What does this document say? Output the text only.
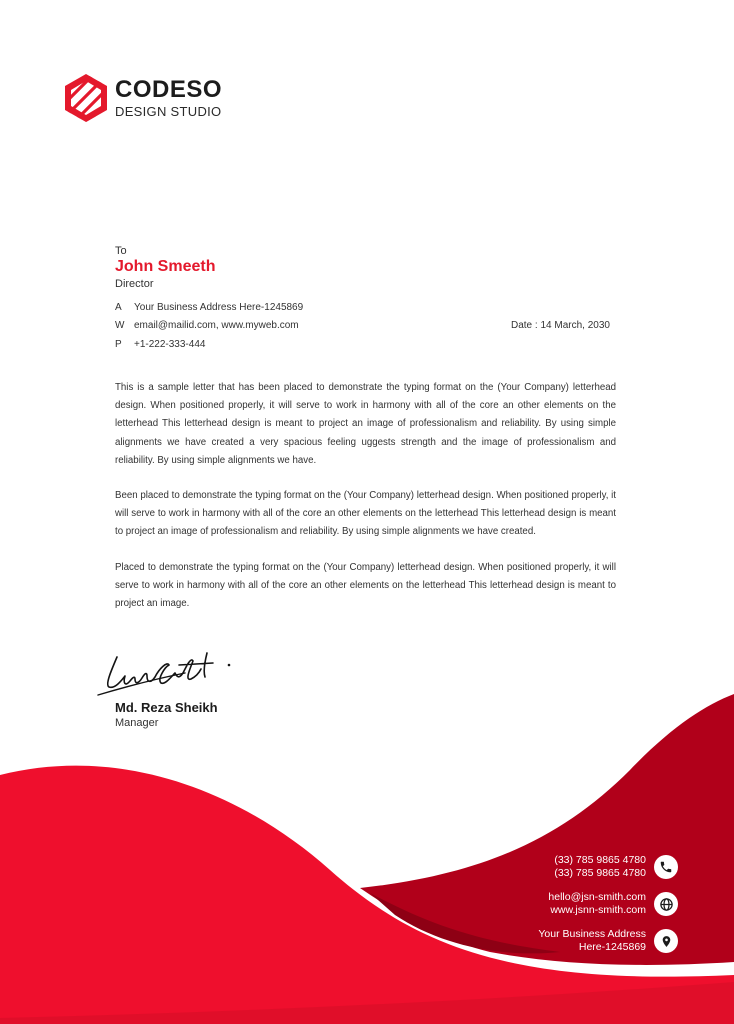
CODESO
DESIGN STUDIO
To
John Smeeth
Director
A	Your Business Address Here-1245869
W email@mailid.com, www.myweb.com
P	+1-222-333-444
Date : 14 March, 2030

This is a sample letter that has been placed to demonstrate the typing format on the (Your Company) letterhead design. When positioned properly, it will serve to work in harmony with all of the core an other elements on the letterhead This letterhead design is meant to project an image of professionalism and reliability. By using simple alignments we have created a very spacious feeling uggests strength and the image of professionalism and reliability. By using simple alignments we have.

Been placed to demonstrate the typing format on the (Your Company) letterhead design. When positioned properly, it will serve to work in harmony with all of the core an other elements on the letterhead This letterhead design is meant to project an image of professionalism and reliability. By using simple alignments we have created.

Placed to demonstrate the typing format on the (Your Company) letterhead design. When positioned properly, it will serve to work in harmony with all of the core an other elements on the letterhead This letterhead design is meant to project an image.

Md. Reza Sheikh
Manager
(33) 785 9865 4780
(33) 785 9865 4780
hello@jsn-smith.com
www.jsnn-smith.com
Your Business Address
Here-1245869
